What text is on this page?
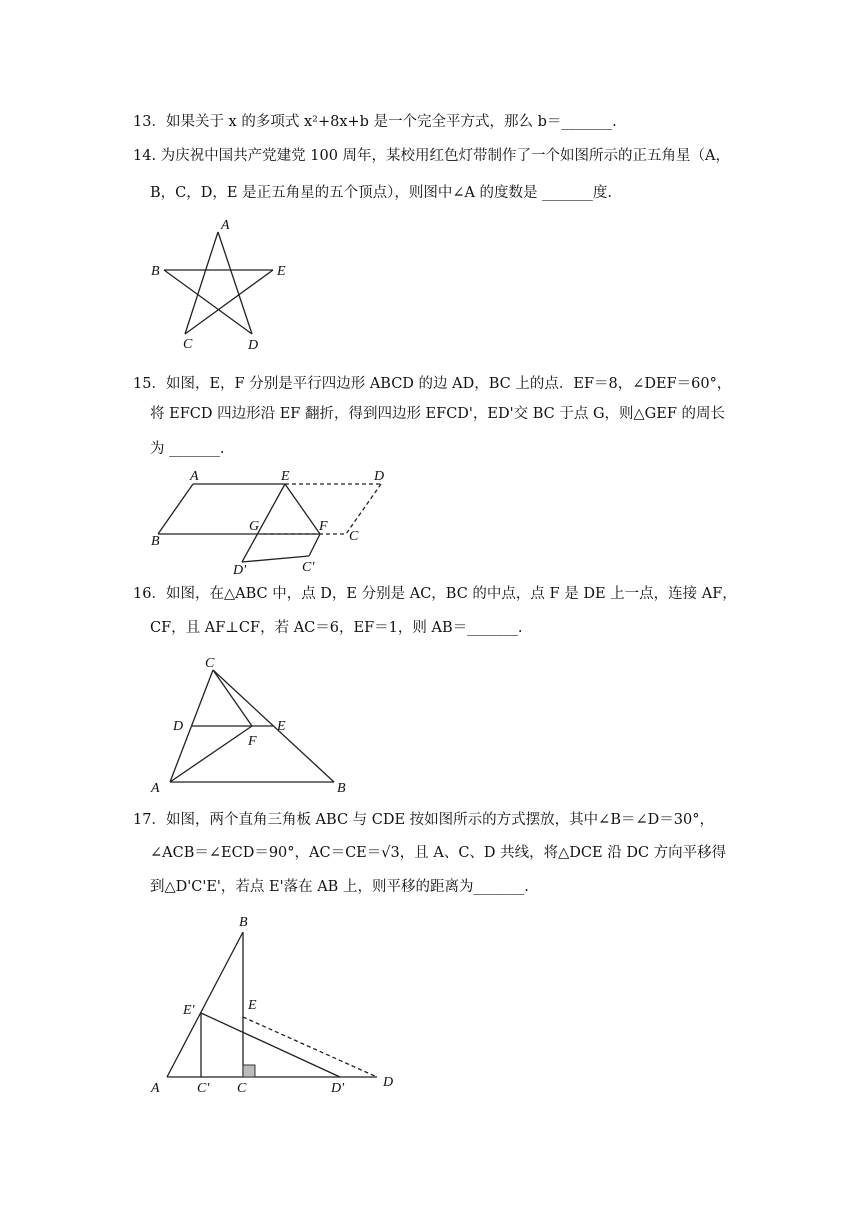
13．如果关于 x 的多项式 x²+8x+b 是一个完全平方式，那么 b＝_______.
14. 为庆祝中国共产党建党 100 周年，某校用红色灯带制作了一个如图所示的正五角星（A，
B，C，D，E 是正五角星的五个顶点），则图中∠A 的度数是 _______度.
A
B	E
C	D
15．如图，E，F 分别是平行四边形 ABCD 的边 AD，BC 上的点．EF＝8，∠DEF＝60°，
将 EFCD 四边形沿 EF 翻折，得到四边形 EFCD'，ED'交 BC 于点 G，则△GEF 的周长
为 _______.
A	E	D
G	F
C
B
D'	C'
16．如图，在△ABC 中，点 D，E 分别是 AC，BC 的中点，点 F 是 DE 上一点，连接 AF，
CF，且 AF⊥CF，若 AC＝6，EF＝1，则 AB＝_______.
C
D	E
F
A	B
17．如图，两个直角三角板 ABC 与 CDE 按如图所示的方式摆放，其中∠B＝∠D＝30°，
∠ACB＝∠ECD＝90°，AC＝CE＝√3，且 A、C、D 共线，将△DCE 沿 DC 方向平移得
到△D'C'E'，若点 E'落在 AB 上，则平移的距离为_______.
B
E
E'
A	C' C	D'	D
